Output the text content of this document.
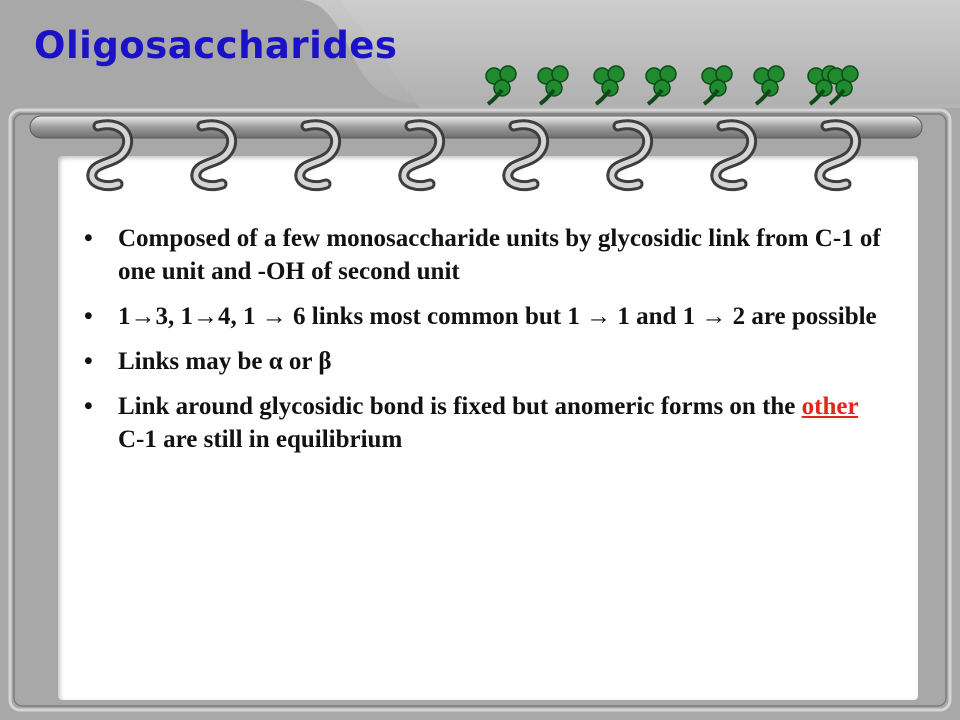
Oligosaccharides
• Composed of a few monosaccharide units by glycosidic link from C-1 of one unit and -OH of second unit
• 1→3, 1→4, 1 → 6 links most common but 1 → 1 and 1 → 2 are possible
• Links may be α or β
• Link around glycosidic bond is fixed but anomeric forms on the other C-1 are still in equilibrium
